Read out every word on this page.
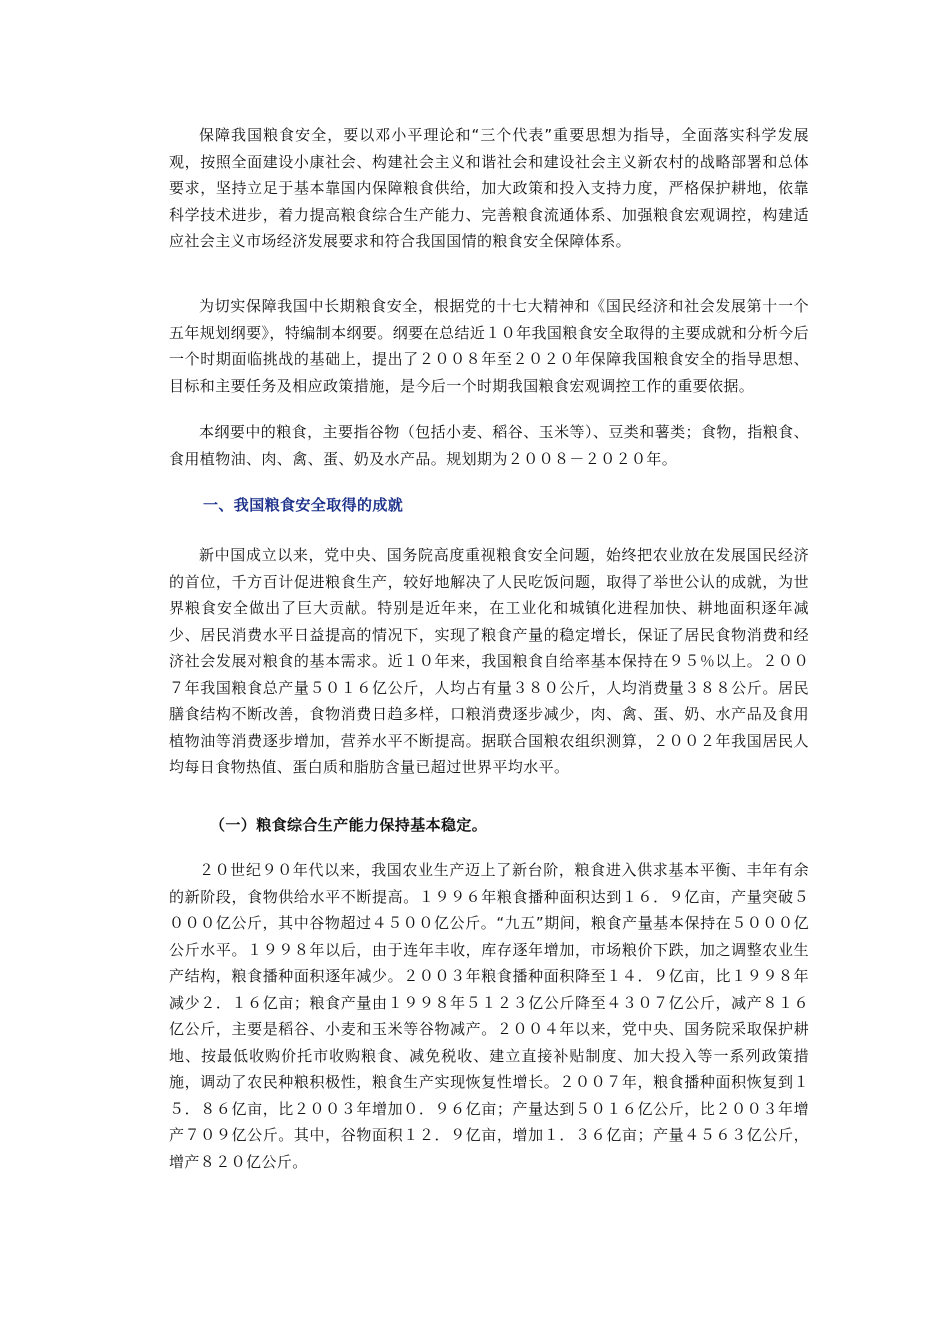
保障我国粮食安全，要以邓小平理论和“三个代表”重要思想为指导，全面落实科学发展观，按照全面建设小康社会、构建社会主义和谐社会和建设社会主义新农村的战略部署和总体要求，坚持立足于基本靠国内保障粮食供给，加大政策和投入支持力度，严格保护耕地，依靠科学技术进步，着力提高粮食综合生产能力、完善粮食流通体系、加强粮食宏观调控，构建适应社会主义市场经济发展要求和符合我国国情的粮食安全保障体系。

为切实保障我国中长期粮食安全，根据党的十七大精神和《国民经济和社会发展第十一个五年规划纲要》，特编制本纲要。纲要在总结近１０年我国粮食安全取得的主要成就和分析今后一个时期面临挑战的基础上，提出了２００８年至２０２０年保障我国粮食安全的指导思想、目标和主要任务及相应政策措施，是今后一个时期我国粮食宏观调控工作的重要依据。

本纲要中的粮食，主要指谷物（包括小麦、稻谷、玉米等）、豆类和薯类；食物，指粮食、食用植物油、肉、禽、蛋、奶及水产品。规划期为２００８－２０２０年。

一、我国粮食安全取得的成就

新中国成立以来，党中央、国务院高度重视粮食安全问题，始终把农业放在发展国民经济的首位，千方百计促进粮食生产，较好地解决了人民吃饭问题，取得了举世公认的成就，为世界粮食安全做出了巨大贡献。特别是近年来，在工业化和城镇化进程加快、耕地面积逐年减少、居民消费水平日益提高的情况下，实现了粮食产量的稳定增长，保证了居民食物消费和经济社会发展对粮食的基本需求。近１０年来，我国粮食自给率基本保持在９５％以上。２００７年我国粮食总产量５０１６亿公斤，人均占有量３８０公斤，人均消费量３８８公斤。居民膳食结构不断改善，食物消费日趋多样，口粮消费逐步减少，肉、禽、蛋、奶、水产品及食用植物油等消费逐步增加，营养水平不断提高。据联合国粮农组织测算，２００２年我国居民人均每日食物热值、蛋白质和脂肪含量已超过世界平均水平。

（一）粮食综合生产能力保持基本稳定。

２０世纪９０年代以来，我国农业生产迈上了新台阶，粮食进入供求基本平衡、丰年有余的新阶段，食物供给水平不断提高。１９９６年粮食播种面积达到１６．９亿亩，产量突破５０００亿公斤，其中谷物超过４５００亿公斤。“九五”期间，粮食产量基本保持在５０００亿公斤水平。１９９８年以后，由于连年丰收，库存逐年增加，市场粮价下跌，加之调整农业生产结构，粮食播种面积逐年减少。２００３年粮食播种面积降至１４．９亿亩，比１９９８年减少２．１６亿亩；粮食产量由１９９８年５１２３亿公斤降至４３０７亿公斤，减产８１６亿公斤，主要是稻谷、小麦和玉米等谷物减产。２００４年以来，党中央、国务院采取保护耕地、按最低收购价托市收购粮食、减免税收、建立直接补贴制度、加大投入等一系列政策措施，调动了农民种粮积极性，粮食生产实现恢复性增长。２００７年，粮食播种面积恢复到１５．８６亿亩，比２００３年增加０．９６亿亩；产量达到５０１６亿公斤，比２００３年增产７０９亿公斤。其中，谷物面积１２．９亿亩，增加１．３６亿亩；产量４５６３亿公斤，增产８２０亿公斤。
